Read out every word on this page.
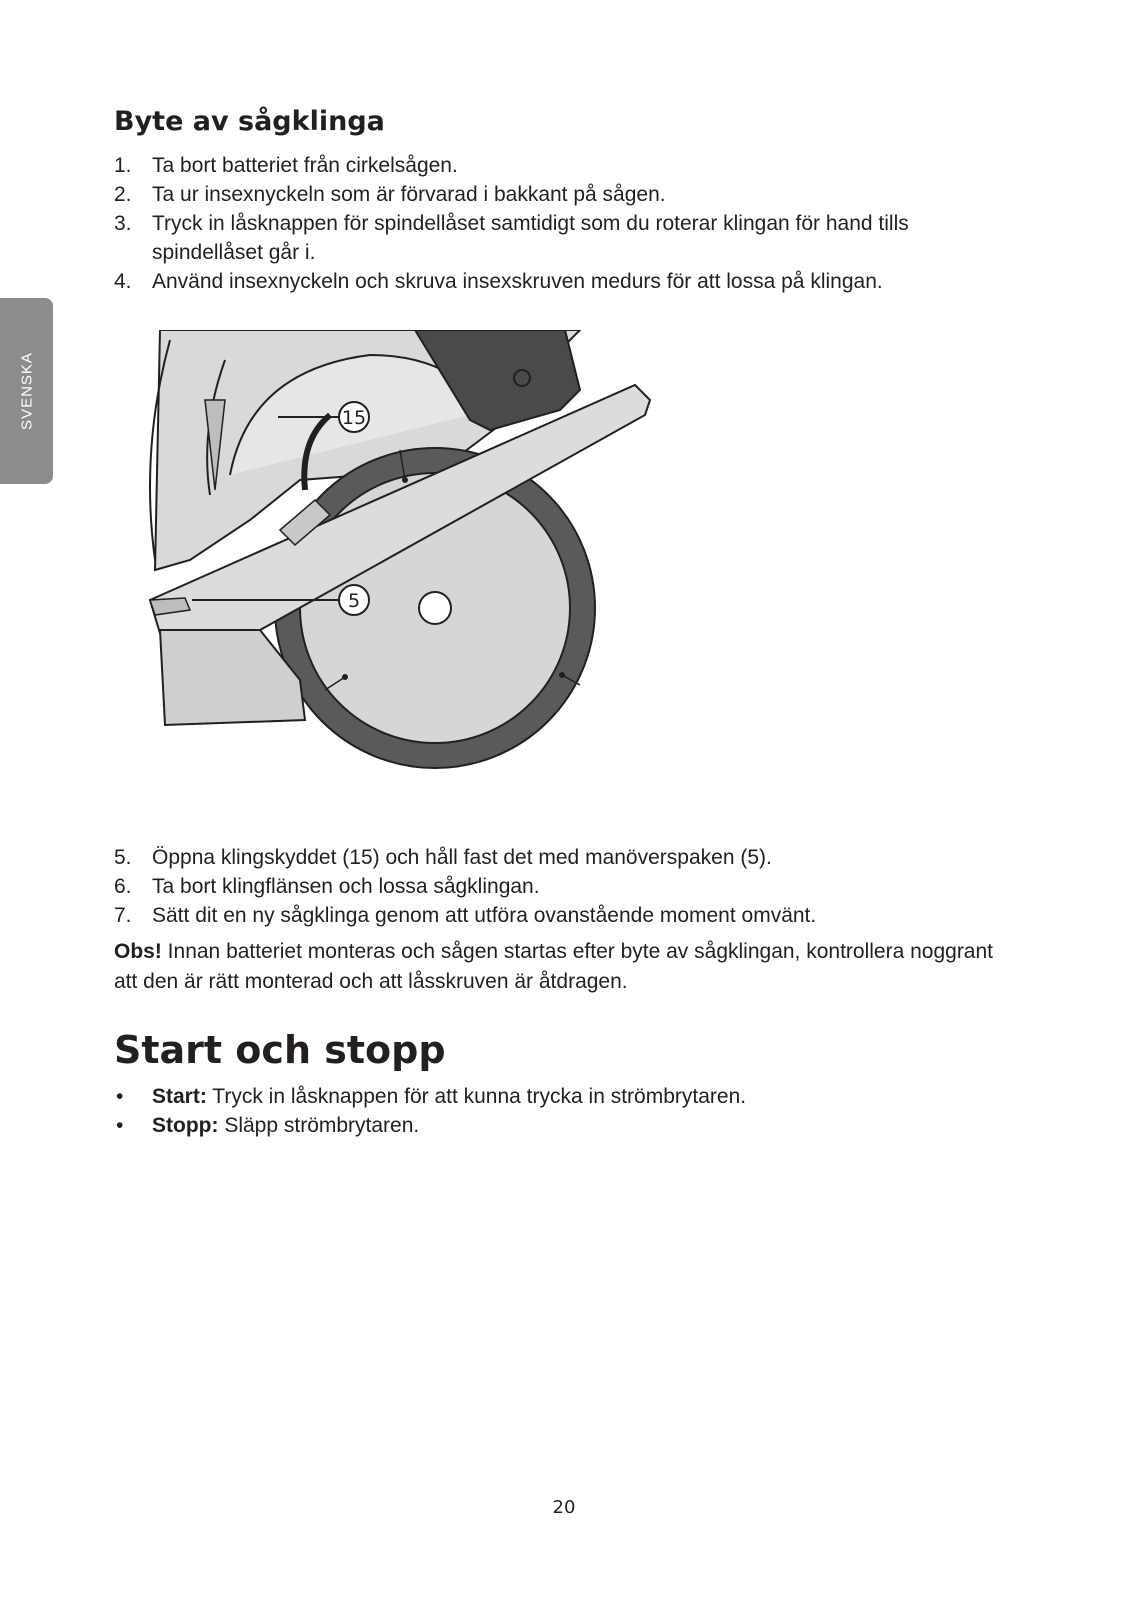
SVENSKA
Byte av sågklinga
1. Ta bort batteriet från cirkelsågen.
2. Ta ur insexnyckeln som är förvarad i bakkant på sågen.
3. Tryck in låsknappen för spindellåset samtidigt som du roterar klingan för hand tills spindellåset går i.
4. Använd insexnyckeln och skruva insexskruven medurs för att lossa på klingan.
15
5
5. Öppna klingskyddet (15) och håll fast det med manöverspaken (5).
6. Ta bort klingflänsen och lossa sågklingan.
7. Sätt dit en ny sågklinga genom att utföra ovanstående moment omvänt.

Obs! Innan batteriet monteras och sågen startas efter byte av sågklingan, kontrollera noggrant att den är rätt monterad och att låsskruven är åtdragen.

Start och stopp
• Start: Tryck in låsknappen för att kunna trycka in strömbrytaren.
• Stopp: Släpp strömbrytaren.
20
